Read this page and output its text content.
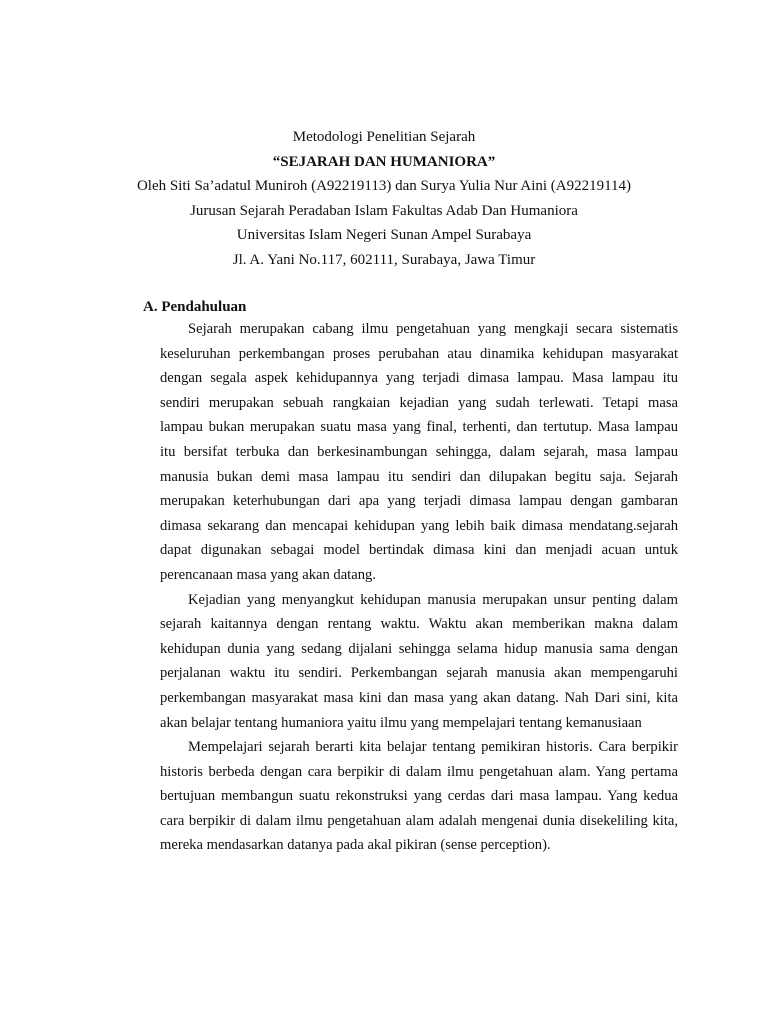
Metodologi Penelitian Sejarah
“SEJARAH DAN HUMANIORA”
Oleh Siti Sa’adatul Muniroh (A92219113) dan Surya Yulia Nur Aini (A92219114)
Jurusan Sejarah Peradaban Islam Fakultas Adab Dan Humaniora
Universitas Islam Negeri Sunan Ampel Surabaya
Jl. A. Yani No.117, 602111, Surabaya, Jawa Timur
A. Pendahuluan
Sejarah merupakan cabang ilmu pengetahuan yang mengkaji secara sistematis
keseluruhan perkembangan proses perubahan atau dinamika kehidupan masyarakat
dengan segala aspek kehidupannya yang terjadi dimasa lampau. Masa lampau itu
sendiri merupakan sebuah rangkaian kejadian yang sudah terlewati. Tetapi masa
lampau bukan merupakan suatu masa yang final, terhenti, dan tertutup. Masa lampau
itu bersifat terbuka dan berkesinambungan sehingga, dalam sejarah, masa lampau
manusia bukan demi masa lampau itu sendiri dan dilupakan begitu saja. Sejarah
merupakan keterhubungan dari apa yang terjadi dimasa lampau dengan gambaran
dimasa sekarang dan mencapai kehidupan yang lebih baik dimasa mendatang.sejarah
dapat digunakan sebagai model bertindak dimasa kini dan menjadi acuan untuk
perencanaan masa yang akan datang.
Kejadian yang menyangkut kehidupan manusia merupakan unsur penting dalam
sejarah kaitannya dengan rentang waktu. Waktu akan memberikan makna dalam
kehidupan dunia yang sedang dijalani sehingga selama hidup manusia sama dengan
perjalanan waktu itu sendiri. Perkembangan sejarah manusia akan mempengaruhi
perkembangan masyarakat masa kini dan masa yang akan datang. Nah Dari sini, kita
akan belajar tentang humaniora yaitu ilmu yang mempelajari tentang kemanusiaan
Mempelajari sejarah berarti kita belajar tentang pemikiran historis. Cara berpikir
historis berbeda dengan cara berpikir di dalam ilmu pengetahuan alam. Yang pertama
bertujuan membangun suatu rekonstruksi yang cerdas dari masa lampau. Yang kedua
cara berpikir di dalam ilmu pengetahuan alam adalah mengenai dunia disekeliling kita,
mereka mendasarkan datanya pada akal pikiran (sense perception).
